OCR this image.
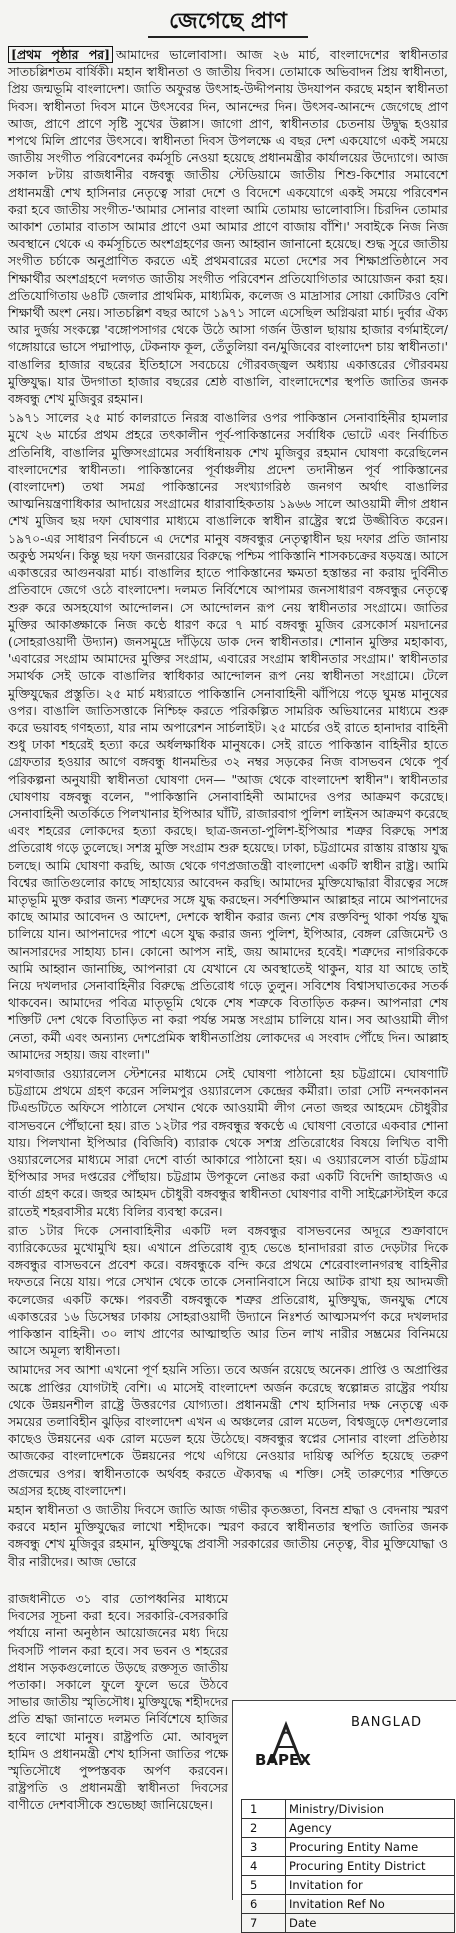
জেগেছে প্রাণ

[প্রথম পৃষ্ঠার পর] আমাদের ভালোবাসা। আজ ২৬ মার্চ, বাংলাদেশের স্বাধীনতার সাতচল্লিশতম বার্ষিকী। মহান স্বাধীনতা ও জাতীয় দিবস। তোমাকে অভিবাদন প্রিয় স্বাধীনতা, প্রিয় জন্মভূমি বাংলাদেশ। জাতি অফুরন্ত উৎসাহ-উদ্দীপনায় উদযাপন করছে মহান স্বাধীনতা দিবস। স্বাধীনতা দিবস মানে উৎসবের দিন, আনন্দের দিন। উৎসব-আনন্দে জেগেছে প্রাণ আজ, প্রাণে প্রাণে সৃষ্টি সুখের উল্লাস। জাগো প্রাণ, স্বাধীনতার চেতনায় উদ্বুদ্ধ হওয়ার শপথে মিলি প্রাণের উৎসবে। স্বাধীনতা দিবস উপলক্ষে এ বছর দেশ একযোগে একই সময়ে জাতীয় সংগীত পরিবেশনের কর্মসূচি নেওয়া হয়েছে প্রধানমন্ত্রীর কার্যালয়ের উদ্যোগে। আজ সকাল ৮টায় রাজধানীর বঙ্গবন্ধু জাতীয় স্টেডিয়ামে জাতীয় শিশু-কিশোর সমাবেশে প্রধানমন্ত্রী শেখ হাসিনার নেতৃত্বে সারা দেশে ও বিদেশে একযোগে একই সময়ে পরিবেশন করা হবে জাতীয় সংগীত-'আমার সোনার বাংলা আমি তোমায় ভালোবাসি। চিরদিন তোমার আকাশ তোমার বাতাস আমার প্রাণে ওমা আমার প্রাণে বাজায় বাঁশি।' সবাইকে নিজ নিজ অবস্থানে থেকে এ কর্মসূচিতে অংশগ্রহণের জন্য আহ্বান জানানো হয়েছে। শুদ্ধ সুরে জাতীয় সংগীত চর্চাকে অনুপ্রাণিত করতে এই প্রথমবারের মতো দেশের সব শিক্ষাপ্রতিষ্ঠানে সব শিক্ষার্থীর অংশগ্রহণে দলগত জাতীয় সংগীত পরিবেশন প্রতিযোগিতার আয়োজন করা হয়। প্রতিযোগিতায় ৬৪টি জেলার প্রাথমিক, মাধ্যমিক, কলেজ ও মাদ্রাসার সোয়া কোটিরও বেশি শিক্ষার্থী অংশ নেয়। সাতচল্লিশ বছর আগে ১৯৭১ সালে এসেছিল অগ্নিঝরা মার্চ। দুর্বার ঐক্য আর দুর্জয় সংকল্পে 'বঙ্গোপসাগর থেকে উঠে আসা গর্জন উত্তাল ছায়ায় হাজার বর্গমাইলে/গঙ্গোয়ারে ভাসে পদ্মাপাড়, টেকনাফ কূল, তেঁতুলিয়া বন/মুজিবের বাংলাদেশ চায় স্বাধীনতা।' বাঙালির হাজার বছরের ইতিহাসে সবচেয়ে গৌরবজ্জ্বল অধ্যায় একাত্তরের গৌরবময় মুক্তিযুদ্ধ। যার উদগাতা হাজার বছরের শ্রেষ্ঠ বাঙালি, বাংলাদেশের স্থপতি জাতির জনক বঙ্গবন্ধু শেখ মুজিবুর রহমান।

১৯৭১ সালের ২৫ মার্চ কালরাতে নিরস্ত্র বাঙালির ওপর পাকিস্তান সেনাবাহিনীর হামলার মুখে ২৬ মার্চের প্রথম প্রহরে তৎকালীন পূর্ব-পাকিস্তানের সর্বাধিক ভোটে এবং নির্বাচিত প্রতিনিধি, বাঙালির মুক্তিসংগ্রামের সর্বাধিনায়ক শেখ মুজিবুর রহমান ঘোষণা করেছিলেন বাংলাদেশের স্বাধীনতা। পাকিস্তানের পূর্বাঞ্চলীয় প্রদেশ তদানীন্তন পূর্ব পাকিস্তানের (বাংলাদেশ) তথা সমগ্র পাকিস্তানের সংখ্যাগরিষ্ঠ জনগণ অর্থাৎ বাঙালির আত্মনিয়ন্ত্রণাধিকার আদায়ের সংগ্রামের ধারাবাহিকতায় ১৯৬৬ সালে আওয়ামী লীগ প্রধান শেখ মুজিব ছয় দফা ঘোষণার মাধ্যমে বাঙালিকে স্বাধীন রাষ্ট্রের স্বপ্নে উজ্জীবিত করেন। ১৯৭০-এর সাধারণ নির্বাচনে এ দেশের মানুষ বঙ্গবন্ধুর নেতৃত্বাধীন ছয় দফার প্রতি জানায় অকুণ্ঠ সমর্থন। কিন্তু ছয় দফা জনরায়ের বিরুদ্ধে পশ্চিম পাকিস্তানি শাসকচক্রের ষড়যন্ত্র। আসে একাত্তরের আগুনঝরা মার্চ। বাঙালির হাতে পাকিস্তানের ক্ষমতা হস্তান্তর না করায় দুর্বিনীত প্রতিবাদে জেগে ওঠে বাংলাদেশ। দলমত নির্বিশেষে আপামর জনসাধারণ বঙ্গবন্ধুর নেতৃত্বে শুরু করে অসহযোগ আন্দোলন। সে আন্দোলন রূপ নেয় স্বাধীনতার সংগ্রামে। জাতির মুক্তির আকাঙ্ক্ষাকে নিজ কণ্ঠে ধারণ করে ৭ মার্চ বঙ্গবন্ধু মুজিব রেসকোর্স ময়দানের (সোহরাওয়ার্দী উদ্যান) জনসমুদ্রে দাঁড়িয়ে ডাক দেন স্বাধীনতার। শোনান মুক্তির মহাকাব্য, 'এবারের সংগ্রাম আমাদের মুক্তির সংগ্রাম, এবারের সংগ্রাম স্বাধীনতার সংগ্রাম।' স্বাধীনতার সমার্থক সেই ডাকে বাঙালির স্বাধিকার আন্দোলন রূপ নেয় স্বাধীনতা সংগ্রামে। টেলে মুক্তিযুদ্ধের প্রস্তুতি। ২৫ মার্চ মধ্যরাতে পাকিস্তানি সেনাবাহিনী ঝাঁপিয়ে পড়ে ঘুমন্ত মানুষের ওপর। বাঙালি জাতিসত্তাকে নিশ্চিহ্ন করতে পরিকল্পিত সামরিক অভিযানের মাধ্যমে শুরু করে ভয়াবহ গণহত্যা, যার নাম অপারেশন সার্চলাইট। ২৫ মার্চের ওই রাতে হানাদার বাহিনী শুধু ঢাকা শহরেই হত্যা করে অর্ধলক্ষাধিক মানুষকে। সেই রাতে পাকিস্তান বাহিনীর হাতে গ্রেফতার হওয়ার আগে বঙ্গবন্ধু ধানমন্ডির ৩২ নম্বর সড়কের নিজ বাসভবন থেকে পূর্ব পরিকল্পনা অনুযায়ী স্বাধীনতা ঘোষণা দেন— "আজ থেকে বাংলাদেশ স্বাধীন"। স্বাধীনতার ঘোষণায় বঙ্গবন্ধু বলেন, "পাকিস্তানি সেনাবাহিনী আমাদের ওপর আক্রমণ করেছে। সেনাবাহিনী অতর্কিতে পিলখানার ইপিআর ঘাঁটি, রাজারবাগ পুলিশ লাইনস আক্রমণ করেছে এবং শহরের লোকদের হত্যা করছে। ছাত্র-জনতা-পুলিশ-ইপিআর শত্রুর বিরুদ্ধে সশস্ত্র প্রতিরোধ গড়ে তুলেছে। সশস্ত্র মুক্তি সংগ্রাম শুরু হয়েছে। ঢাকা, চট্টগ্রামের রাস্তায় রাস্তায় যুদ্ধ চলছে। আমি ঘোষণা করছি, আজ থেকে গণপ্রজাতন্ত্রী বাংলাদেশ একটি স্বাধীন রাষ্ট্র। আমি বিশ্বের জাতিগুলোর কাছে সাহায্যের আবেদন করছি। আমাদের মুক্তিযোদ্ধারা বীরত্বের সঙ্গে মাতৃভূমি মুক্ত করার জন্য শত্রুদের সঙ্গে যুদ্ধ করছেন। সর্বশক্তিমান আল্লাহর নামে আপনাদের কাছে আমার আবেদন ও আদেশ, দেশকে স্বাধীন করার জন্য শেষ রক্তবিন্দু থাকা পর্যন্ত যুদ্ধ চালিয়ে যান। আপনাদের পাশে এসে যুদ্ধ করার জন্য পুলিশ, ইপিআর, বেঙ্গল রেজিমেন্ট ও আনসারদের সাহায্য চান। কোনো আপস নাই, জয় আমাদের হবেই। শত্রুদের নাগরিককে আমি আহ্বান জানাচ্ছি, আপনারা যে যেখানে যে অবস্থাতেই থাকুন, যার যা আছে তাই নিয়ে দখলদার সেনাবাহিনীর বিরুদ্ধে প্রতিরোধ গড়ে তুলুন। সবিশেষ বিশ্বাসঘাতকের সতর্ক থাকবেন। আমাদের পবিত্র মাতৃভূমি থেকে শেষ শত্রুকে বিতাড়িত করুন। আপনারা শেষ শক্তিটি দেশ থেকে বিতাড়িত না করা পর্যন্ত সমস্ত সংগ্রাম চালিয়ে যান। সব আওয়ামী লীগ নেতা, কর্মী এবং অন্যান্য দেশপ্রেমিক স্বাধীনতাপ্রিয় লোকদের এ সংবাদ পৌঁছে দিন। আল্লাহ আমাদের সহায়। জয় বাংলা।"

মগবাজার ওয়্যারলেস স্টেশনের মাধ্যমে সেই ঘোষণা পাঠানো হয় চট্টগ্রামে। ঘোষণাটি চট্টগ্রামে প্রথমে গ্রহণ করেন সলিমপুর ওয়্যারলেস কেন্দ্রের কর্মীরা। তারা সেটি নন্দনকানন টিএন্ডটিতে অফিসে পাঠালে সেখান থেকে আওয়ামী লীগ নেতা জহুর আহমেদ চৌধুরীর বাসভবনে পৌঁছানো হয়। রাত ১২টার পর বঙ্গবন্ধুর স্বকণ্ঠে এ ঘোষণা বেতারে একবার শোনা যায়। পিলখানা ইপিআর (বিজিবি) ব্যারাক থেকে সশস্ত্র প্রতিরোধের বিষয়ে লিখিত বাণী ওয়্যারলেসের মাধ্যমে সারা দেশে বার্তা আকারে পাঠানো হয়। এ ওয়্যারলেস বার্তা চট্টগ্রাম ইপিআর সদর দপ্তরের পৌঁছায়। চট্টগ্রাম উপকূলে নোঙর করা একটি বিদেশি জাহাজও এ বার্তা গ্রহণ করে। জহুর আহমদ চৌধুরী বঙ্গবন্ধুর স্বাধীনতা ঘোষণার বাণী সাইক্লোস্টাইল করে রাতেই শহরবাসীর মধ্যে বিলির ব্যবস্থা করেন।

রাত ১টার দিকে সেনাবাহিনীর একটি দল বঙ্গবন্ধুর বাসভবনের অদূরে শুক্রাবাদে ব্যারিকেডের মুখোমুখি হয়। এখানে প্রতিরোধ ব্যূহ ভেঙে হানাদাররা রাত দেড়টার দিকে বঙ্গবন্ধুর বাসভবনে প্রবেশ করে। বঙ্গবন্ধুকে বন্দি করে প্রথমে শেরেবাংলানগরস্থ বাহিনীর দফতরে নিয়ে যায়। পরে সেখান থেকে তাকে সেনানিবাসে নিয়ে আটক রাখা হয় আদমজী কলেজের একটি কক্ষে। পরবর্তী বঙ্গবন্ধুকে শত্রুর প্রতিরোধ, মুক্তিযুদ্ধ, জনযুদ্ধ শেষে একাত্তরের ১৬ ডিসেম্বর ঢাকায় সোহরাওয়ার্দী উদ্যানে নিঃশর্ত আত্মসমর্পণ করে দখলদার পাকিস্তান বাহিনী। ৩০ লাখ প্রাণের আত্মাহুতি আর তিন লাখ নারীর সম্ভ্রমের বিনিময়ে আসে অমূল্য স্বাধীনতা।

আমাদের সব আশা এখনো পূর্ণ হয়নি সত্যি। তবে অর্জন রয়েছে অনেক। প্রাপ্তি ও অপ্রাপ্তির অঙ্কে প্রাপ্তির যোগটাই বেশি। এ মাসেই বাংলাদেশ অর্জন করেছে স্বল্পোন্নত রাষ্ট্রের পর্যায় থেকে উন্নয়নশীল রাষ্ট্রে উত্তরণের যোগ্যতা। প্রধানমন্ত্রী শেখ হাসিনার দক্ষ নেতৃত্বে এক সময়ের তলাবিহীন ঝুড়ির বাংলাদেশ এখন এ অঞ্চলের রোল মডেল, বিশ্বজুড়ে দেশগুলোর কাছেও উন্নয়নের এক রোল মডেল হয়ে উঠেছে। বঙ্গবন্ধুর স্বপ্নের সোনার বাংলা প্রতিষ্ঠায় আজকের বাংলাদেশকে উন্নয়নের পথে এগিয়ে নেওয়ার দায়িত্ব অর্পিত হয়েছে তরুণ প্রজন্মের ওপর। স্বাধীনতাকে অর্থবহ করতে ঐক্যবদ্ধ এ শক্তি। সেই তারুণ্যের শক্তিতে অগ্রসর হচ্ছে বাংলাদেশ।

মহান স্বাধীনতা ও জাতীয় দিবসে জাতি আজ গভীর কৃতজ্ঞতা, বিনম্র শ্রদ্ধা ও বেদনায় স্মরণ করবে মহান মুক্তিযুদ্ধের লাখো শহীদকে। স্মরণ করবে স্বাধীনতার স্থপতি জাতির জনক বঙ্গবন্ধু শেখ মুজিবুর রহমান, মুক্তিযুদ্ধে প্রবাসী সরকারের জাতীয় নেতৃত্ব, বীর মুক্তিযোদ্ধা ও বীর নারীদের। আজ ভোরে

রাজধানীতে ৩১ বার তোপধ্বনির মাধ্যমে দিবসের সূচনা করা হবে। সরকারি-বেসরকারি পর্যায়ে নানা অনুষ্ঠান আয়োজনের মধ্য দিয়ে দিবসটি পালন করা হবে। সব ভবন ও শহরের প্রধান সড়কগুলোতে উড়ছে রক্তসূত জাতীয় পতাকা। সকালে ফুলে ফুলে ভরে উঠবে সাভার জাতীয় স্মৃতিসৌধ। মুক্তিযুদ্ধে শহীদদের প্রতি শ্রদ্ধা জানাতে দলমত নির্বিশেষে হাজির হবে লাখো মানুষ। রাষ্ট্রপতি মো. আবদুল হামিদ ও প্রধানমন্ত্রী শেখ হাসিনা জাতির পক্ষে স্মৃতিসৌধে পুষ্পস্তবক অর্পণ করবেন। রাষ্ট্রপতি ও প্রধানমন্ত্রী স্বাধীনতা দিবসের বাণীতে দেশবাসীকে শুভেচ্ছা জানিয়েছেন।
BAPEX
BANGLAD
1	Ministry/Division
2	Agency
3	Procuring Entity Name
4	Procuring Entity District
5	Invitation for
6	Invitation Ref No
7	Date
